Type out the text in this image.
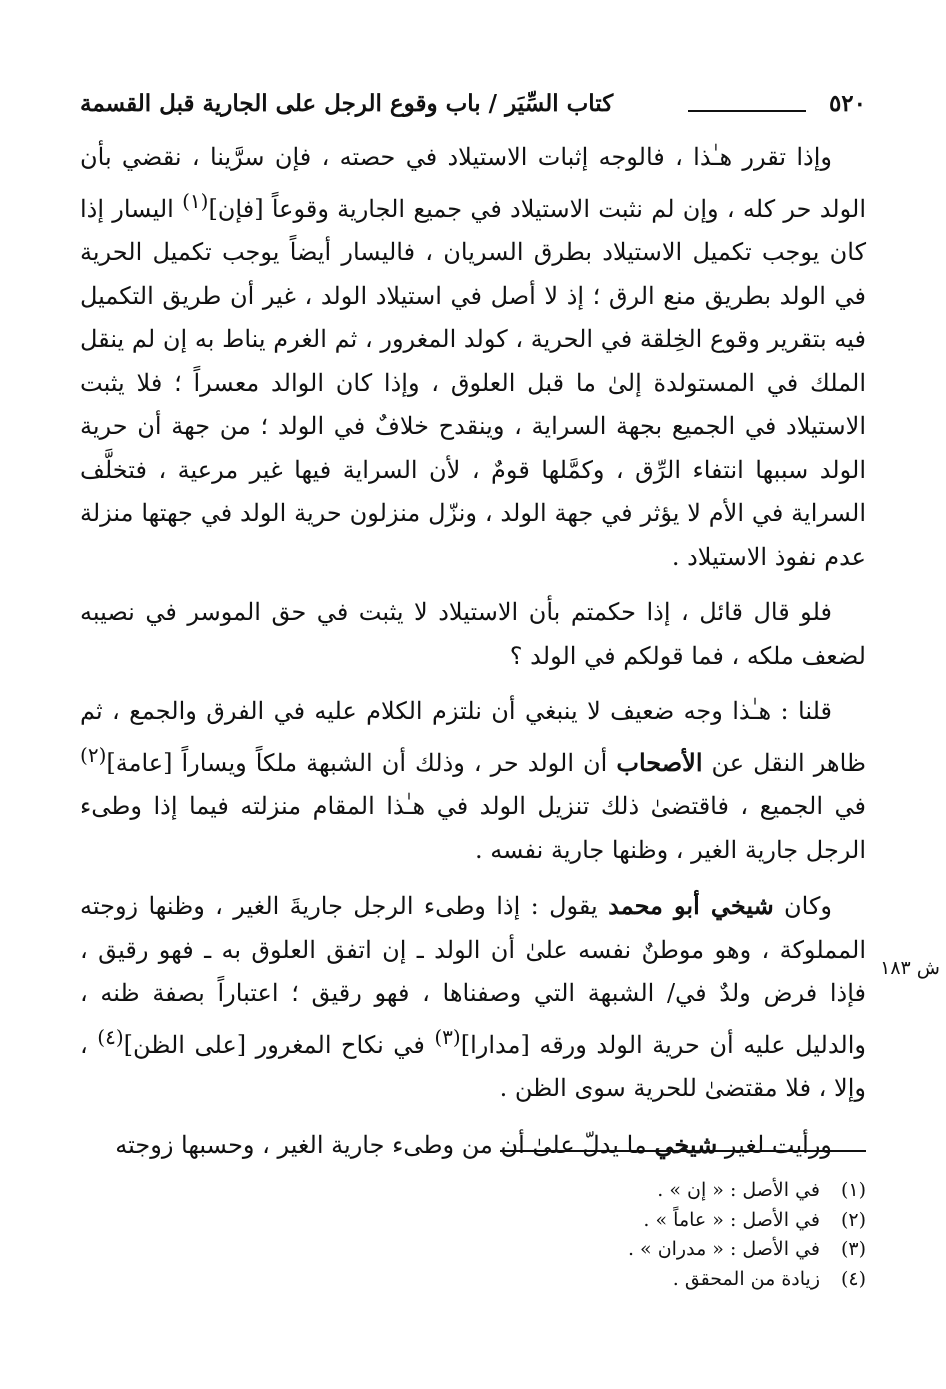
٥٢٠
كتاب السِّيَر / باب وقوع الرجل على الجارية قبل القسمة

وإذا تقرر هـٰذا ، فالوجه إثبات الاستيلاد في حصته ، فإن سرَّينا ، نقضي بأن الولد حر كله ، وإن لم نثبت الاستيلاد في جميع الجارية وقوعاً [فإن]$^{(١)}$ اليسار إذا كان يوجب تكميل الاستيلاد بطرق السريان ، فاليسار أيضاً يوجب تكميل الحرية في الولد بطريق منع الرق ؛ إذ لا أصل في استيلاد الولد ، غير أن طريق التكميل فيه بتقرير وقوع الخِلقة في الحرية ، كولد المغرور ، ثم الغرم يناط به إن لم ينقل الملك في المستولدة إلىٰ ما قبل العلوق ، وإذا كان الوالد معسراً ؛ فلا يثبت الاستيلاد في الجميع بجهة السراية ، وينقدح خلافٌ في الولد ؛ من جهة أن حرية الولد سببها انتفاء الرِّق ، وكمَّلها قومٌ ، لأن السراية فيها غير مرعية ، فتخلَّف السراية في الأم لا يؤثر في جهة الولد ، ونزّل منزلون حرية الولد في جهتها منزلة عدم نفوذ الاستيلاد .

فلو قال قائل ، إذا حكمتم بأن الاستيلاد لا يثبت في حق الموسر في نصيبه لضعف ملكه ، فما قولكم في الولد ؟

قلنا : هـٰذا وجه ضعيف لا ينبغي أن نلتزم الكلام عليه في الفرق والجمع ، ثم ظاهر النقل عن الأصحاب أن الولد حر ، وذلك أن الشبهة ملكاً ويساراً [عامة]$^{(٢)}$ في الجميع ، فاقتضىٰ ذلك تنزيل الولد في هـٰذا المقام منزلته فيما إذا وطىء الرجل جارية الغير ، وظنها جارية نفسه .

وكان شيخي أبو محمد يقول : إذا وطىء الرجل جاريةَ الغير ، وظنها زوجته المملوكة ، وهو موطنٌ نفسه علىٰ أن الولد ـ إن اتفق العلوق به ـ فهو رقيق ، فإذا فرض ولدٌ في/ الشبهة التي وصفناها ، فهو رقيق ؛ اعتباراً بصفة ظنه ، والدليل عليه أن حرية الولد ورقه [مدارا]$^{(٣)}$ في نكاح المغرور [على الظن]$^{(٤)}$ ، وإلا ، فلا مقتضىٰ للحرية سوى الظن .

ورأيت لغير شيخي ما يدلّ علىٰ أن من وطىء جارية الغير ، وحسبها زوجته

ش ١٨٣
(١)
في الأصل : « إن » .
(٢)
في الأصل : « عاماً » .
(٣)
في الأصل : « مدران » .
(٤)
زيادة من المحقق .
